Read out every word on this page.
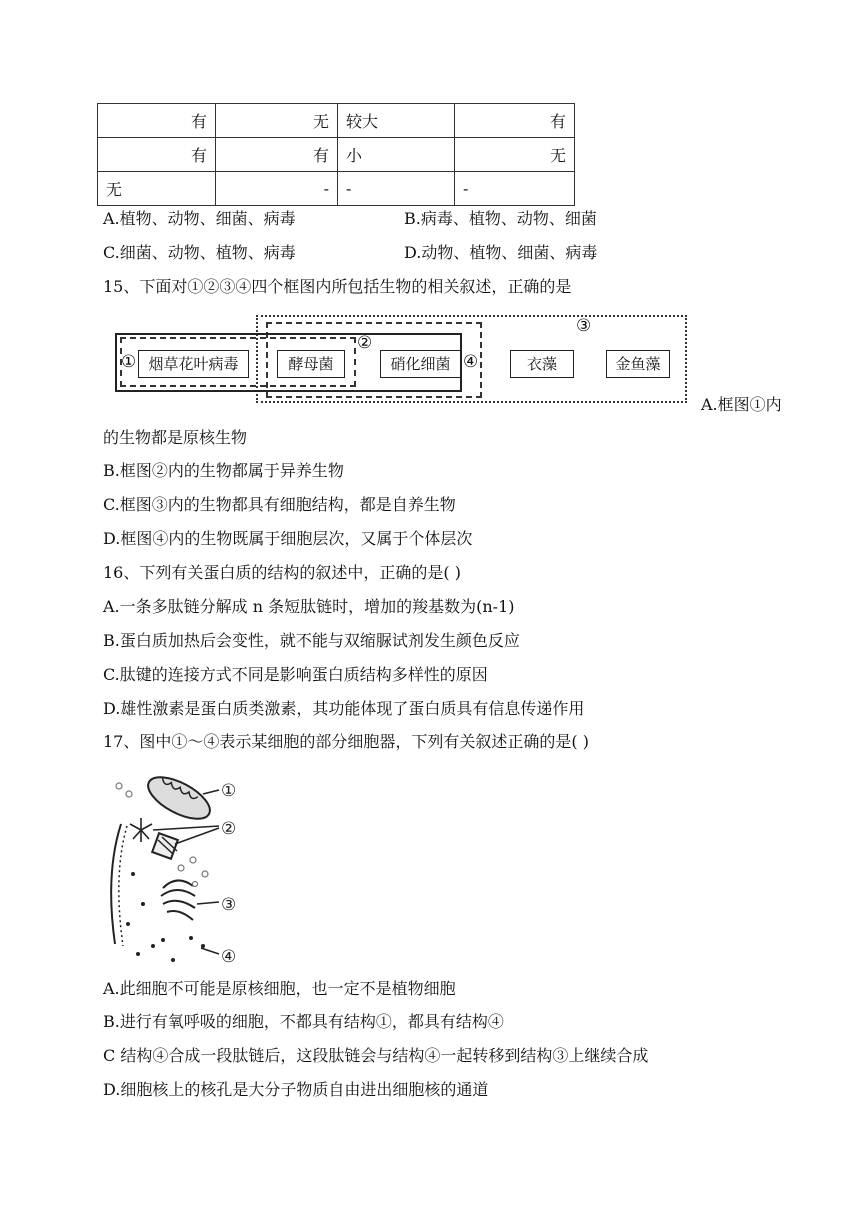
有	无	较大	有
有	有	小	无
无	-	-	-
A.植物、动物、细菌、病毒	B.病毒、植物、动物、细菌
C.细菌、动物、植物、病毒	D.动物、植物、细菌、病毒
15、下面对①②③④四个框图内所包括生物的相关叙述，正确的是
①
②
③
④
烟草花叶病毒	酵母菌	硝化细菌	衣藻	金鱼藻
A.框图①内
的生物都是原核生物
B.框图②内的生物都属于异养生物
C.框图③内的生物都具有细胞结构，都是自养生物
D.框图④内的生物既属于细胞层次，又属于个体层次
16、下列有关蛋白质的结构的叙述中，正确的是( )
A.一条多肽链分解成 n 条短肽链时，增加的羧基数为(n-1)
B.蛋白质加热后会变性，就不能与双缩脲试剂发生颜色反应
C.肽键的连接方式不同是影响蛋白质结构多样性的原因
D.雄性激素是蛋白质类激素，其功能体现了蛋白质具有信息传递作用
17、图中①～④表示某细胞的部分细胞器，下列有关叙述正确的是( )
①
②
③
④
A.此细胞不可能是原核细胞，也一定不是植物细胞
B.进行有氧呼吸的细胞，不都具有结构①，都具有结构④
C 结构④合成一段肽链后，这段肽链会与结构④一起转移到结构③上继续合成
D.细胞核上的核孔是大分子物质自由进出细胞核的通道
